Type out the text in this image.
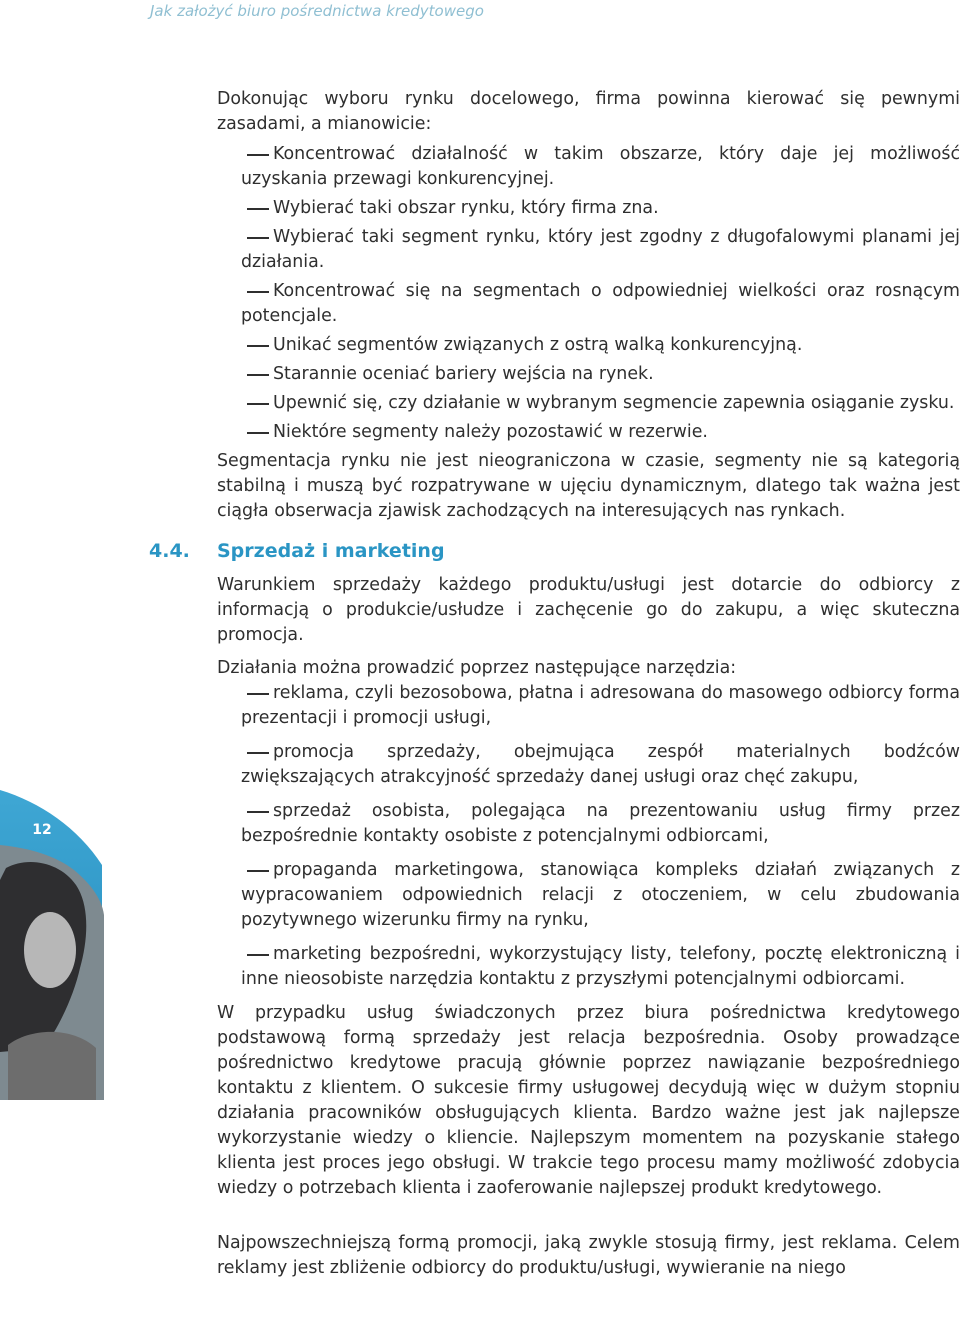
Jak założyć biuro pośrednictwa kredytowego
12

Dokonując wyboru rynku docelowego, firma powinna kierować się pewnymi zasadami, a mianowicie:

Koncentrować działalność w takim obszarze, który daje jej możliwość uzyskania przewagi konkurencyjnej.
Wybierać taki obszar rynku, który firma zna.
Wybierać taki segment rynku, który jest zgodny z długofalowymi planami jej działania.
Koncentrować się na segmentach o odpowiedniej wielkości oraz rosnącym potencjale.
Unikać segmentów związanych z ostrą walką konkurencyjną.
Starannie oceniać bariery wejścia na rynek.
Upewnić się, czy działanie w wybranym segmencie zapewnia osiąganie zysku.
Niektóre segmenty należy pozostawić w rezerwie.

Segmentacja rynku nie jest nieograniczona w czasie, segmenty nie są kategorią stabilną i muszą być rozpatrywane w ujęciu dynamicznym, dlatego tak ważna jest ciągła obserwacja zjawisk zachodzących na interesujących nas rynkach.

4.4. Sprzedaż i marketing

Warunkiem sprzedaży każdego produktu/usługi jest dotarcie do odbiorcy z informacją o produkcie/usłudze i zachęcenie go do zakupu, a więc skuteczna promocja.

Działania można prowadzić poprzez następujące narzędzia:

reklama, czyli bezosobowa, płatna i adresowana do masowego odbiorcy forma prezentacji i promocji usługi,
promocja sprzedaży, obejmująca zespół materialnych bodźców zwiększających atrakcyjność sprzedaży danej usługi oraz chęć zakupu,
sprzedaż osobista, polegająca na prezentowaniu usług firmy przez bezpośrednie kontakty osobiste z potencjalnymi odbiorcami,
propaganda marketingowa, stanowiąca kompleks działań związanych z wypracowaniem odpowiednich relacji z otoczeniem, w celu zbudowania pozytywnego wizerunku firmy na rynku,
marketing bezpośredni, wykorzystujący listy, telefony, pocztę elektroniczną i inne nieosobiste narzędzia kontaktu z przyszłymi potencjalnymi odbiorcami.

W przypadku usług świadczonych przez biura pośrednictwa kredytowego podstawową formą sprzedaży jest relacja bezpośrednia. Osoby prowadzące pośrednictwo kredytowe pracują głównie poprzez nawiązanie bezpośredniego kontaktu z klientem. O sukcesie firmy usługowej decydują więc w dużym stopniu działania pracowników obsługujących klienta. Bardzo ważne jest jak najlepsze wykorzystanie wiedzy o kliencie. Najlepszym momentem na pozyskanie stałego klienta jest proces jego obsługi. W trakcie tego procesu mamy możliwość zdobycia wiedzy o potrzebach klienta i zaoferowanie najlepszej produkt kredytowego.

Najpowszechniejszą formą promocji, jaką zwykle stosują firmy, jest reklama. Celem reklamy jest zbliżenie odbiorcy do produktu/usługi, wywieranie na niego
